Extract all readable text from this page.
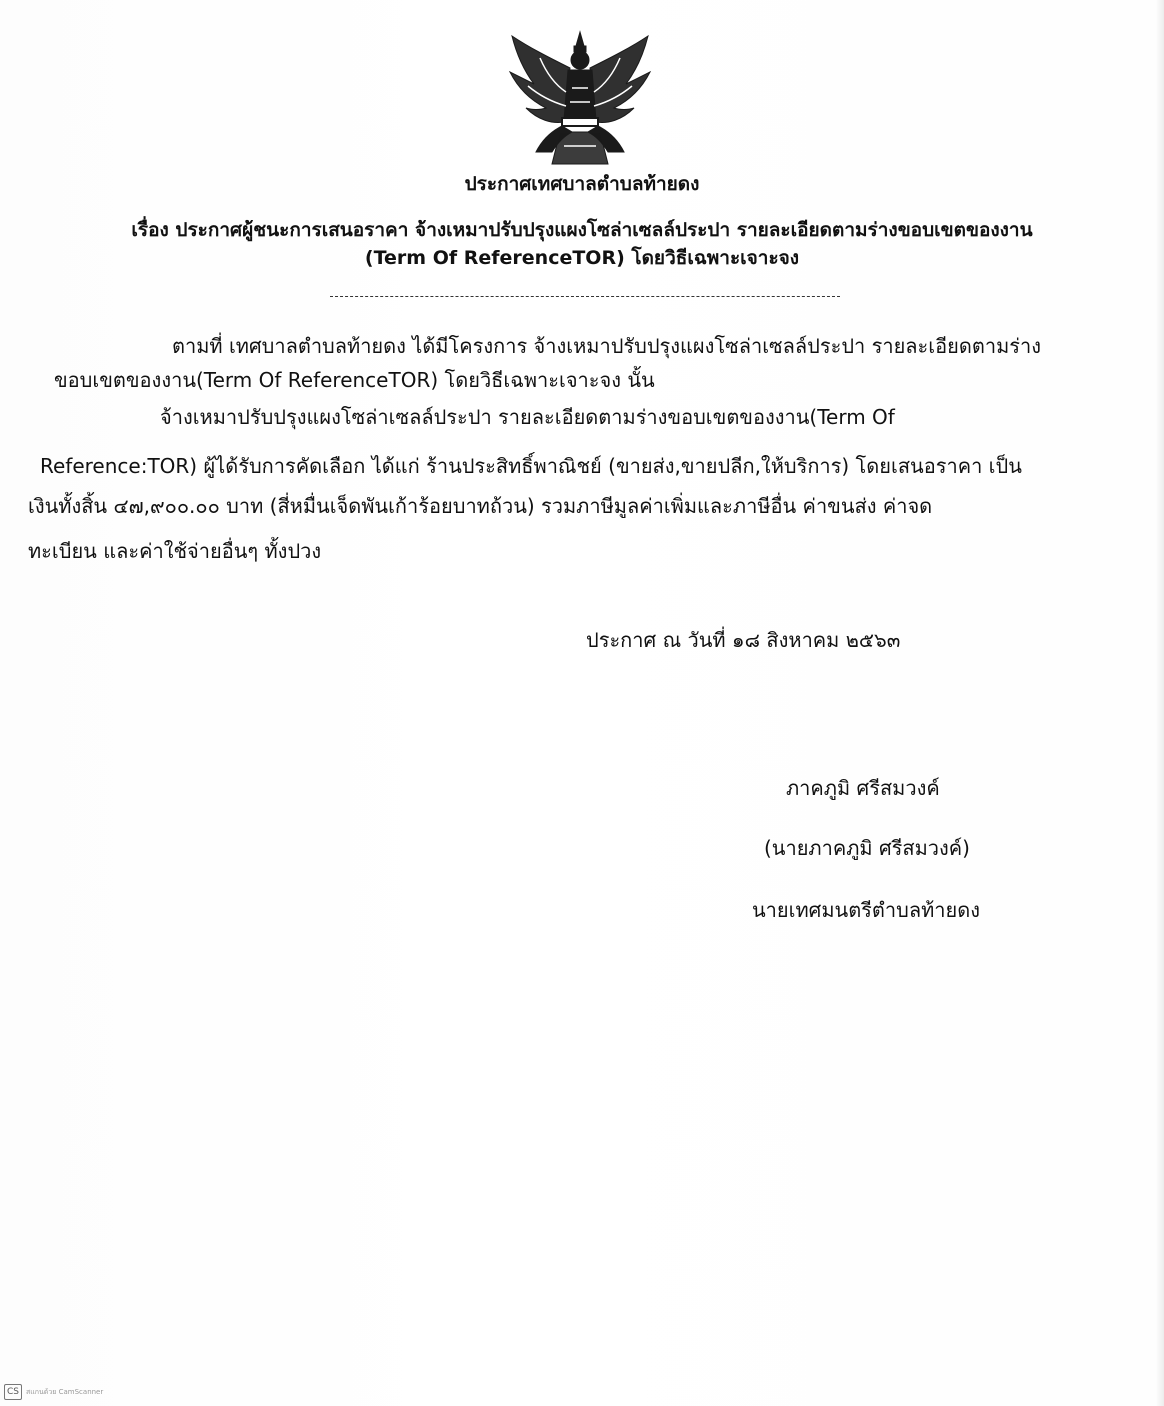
ประกาศเทศบาลตำบลท้ายดง
เรื่อง ประกาศผู้ชนะการเสนอราคา จ้างเหมาปรับปรุงแผงโซล่าเซลล์ประปา รายละเอียดตามร่างขอบเขตของงาน
(Term Of ReferenceTOR) โดยวิธีเฉพาะเจาะจง
ตามที่ เทศบาลตำบลท้ายดง ได้มีโครงการ จ้างเหมาปรับปรุงแผงโซล่าเซลล์ประปา รายละเอียดตามร่าง
ขอบเขตของงาน(Term Of ReferenceTOR) โดยวิธีเฉพาะเจาะจง นั้น
จ้างเหมาปรับปรุงแผงโซล่าเซลล์ประปา รายละเอียดตามร่างขอบเขตของงาน(Term Of
Reference:TOR) ผู้ได้รับการคัดเลือก ได้แก่ ร้านประสิทธิ์พาณิชย์ (ขายส่ง,ขายปลีก,ให้บริการ) โดยเสนอราคา เป็น
เงินทั้งสิ้น ๔๗,๙๐๐.๐๐ บาท (สี่หมื่นเจ็ดพันเก้าร้อยบาทถ้วน) รวมภาษีมูลค่าเพิ่มและภาษีอื่น ค่าขนส่ง ค่าจด
ทะเบียน และค่าใช้จ่ายอื่นๆ ทั้งปวง
ประกาศ ณ วันที่ ๑๘ สิงหาคม ๒๕๖๓
ภาคภูมิ ศรีสมวงค์
(นายภาคภูมิ ศรีสมวงค์)
นายเทศมนตรีตำบลท้ายดง
CS	สแกนด้วย CamScanner
